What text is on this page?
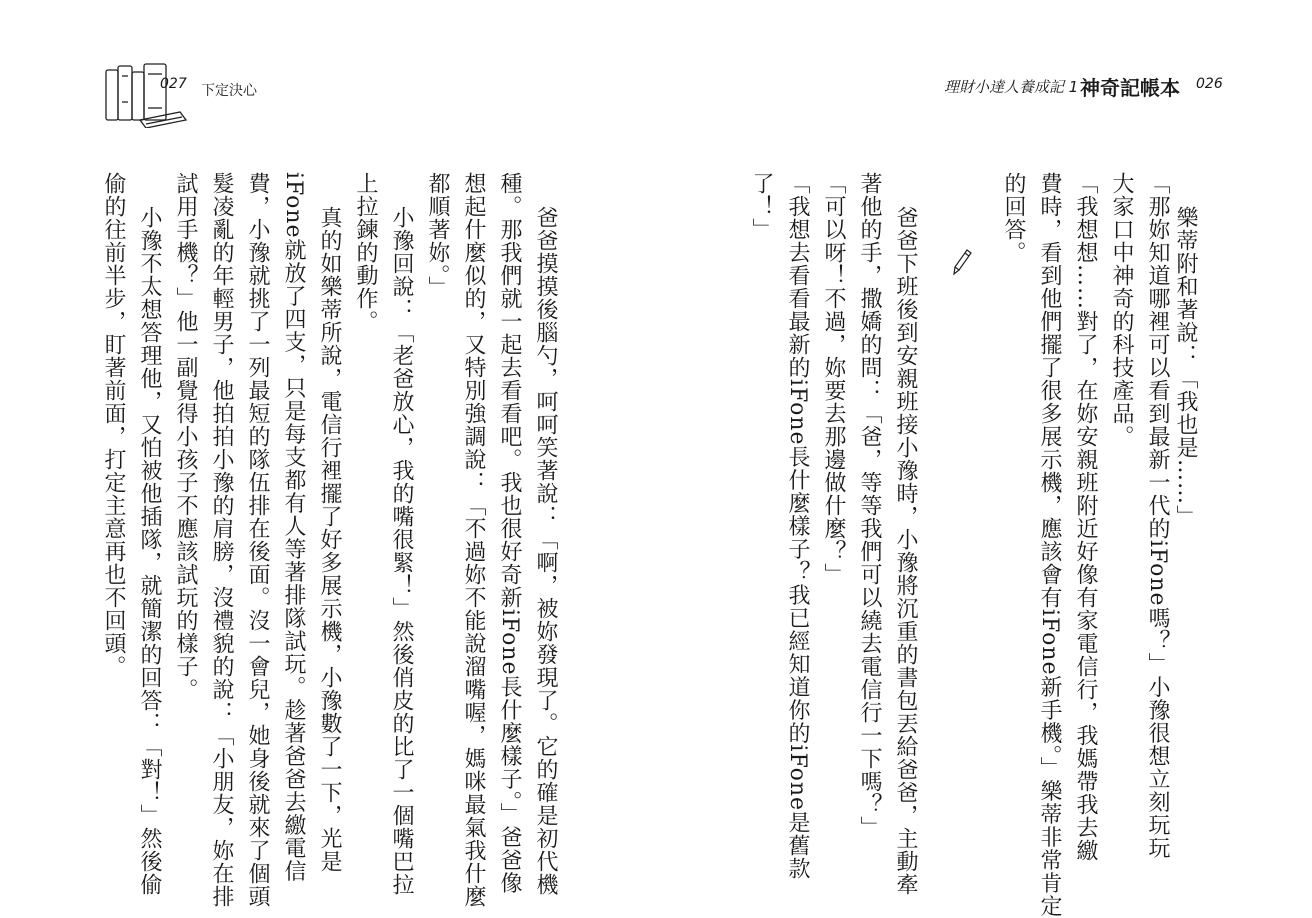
027 下定決心	理財小達人養成記 1 神奇記帳本 026
樂蒂附和著說：「我也是……」
「那妳知道哪裡可以看到最新一代的iFone嗎？」小豫很想立刻玩玩
大家口中神奇的科技產品。
「我想想……對了，在妳安親班附近好像有家電信行，我媽帶我去繳
費時，看到他們擺了很多展示機，應該會有iFone新手機。」樂蒂非常肯定
的回答。
爸爸下班後到安親班接小豫時，小豫將沉重的書包丟給爸爸，主動牽
著他的手，撒嬌的問：「爸，等等我們可以繞去電信行一下嗎？」
「可以呀！不過，妳要去那邊做什麼？」
「我想去看看最新的iFone長什麼樣子？我已經知道你的iFone是舊款
了！」
爸爸摸摸後腦勺，呵呵笑著說：「啊，被妳發現了。它的確是初代機
種。那我們就一起去看看吧。我也很好奇新iFone長什麼樣子。」爸爸像
想起什麼似的，又特別強調說：「不過妳不能說溜嘴喔，媽咪最氣我什麼
都順著妳。」
小豫回說：「老爸放心，我的嘴很緊！」然後俏皮的比了一個嘴巴拉
上拉鍊的動作。
真的如樂蒂所說，電信行裡擺了好多展示機，小豫數了一下，光是
iFone就放了四支，只是每支都有人等著排隊試玩。趁著爸爸去繳電信
費，小豫就挑了一列最短的隊伍排在後面。沒一會兒，她身後就來了個頭
髮凌亂的年輕男子，他拍拍小豫的肩膀，沒禮貌的說：「小朋友，妳在排
試用手機？」他一副覺得小孩子不應該試玩的樣子。
小豫不太想答理他，又怕被他插隊，就簡潔的回答：「對！」然後偷
偷的往前半步，盯著前面，打定主意再也不回頭。
